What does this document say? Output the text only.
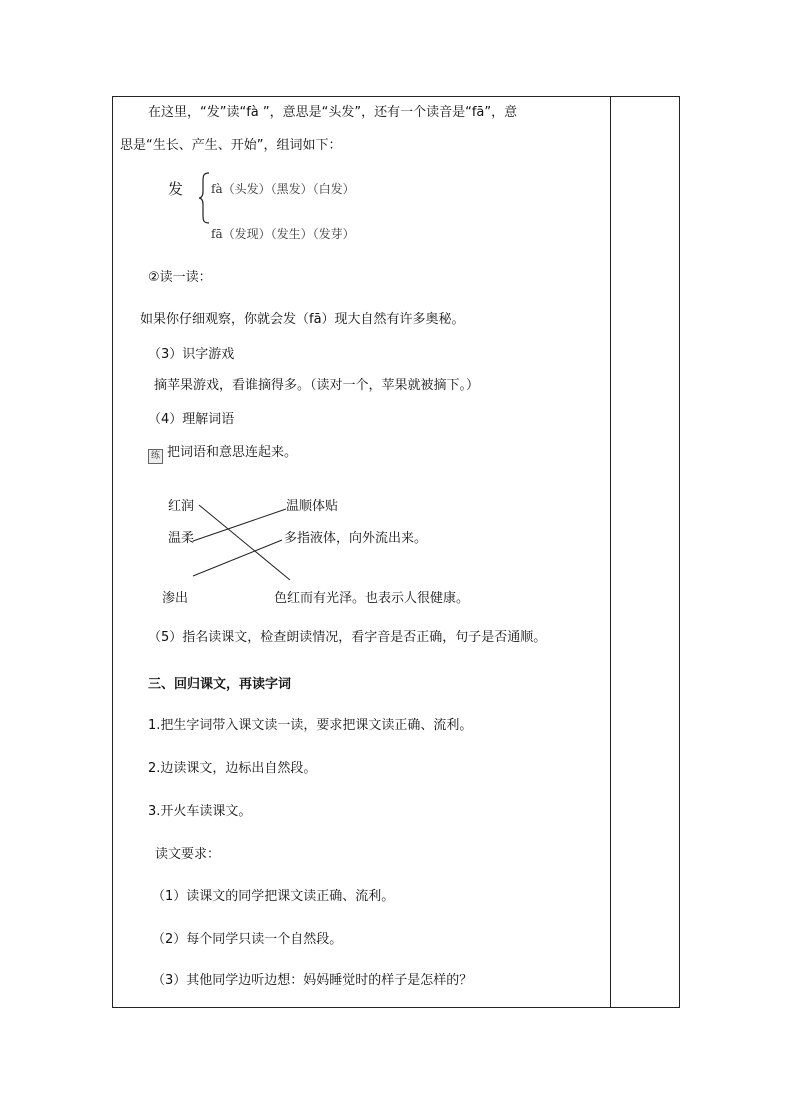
在这里，“发”读“fà ”，意思是“头发”，还有一个读音是“fā”，意
思是“生长、产生、开始”，组词如下：
发 fà（头发）（黑发）（白发）
fā（发现）（发生）（发芽）
②读一读：
如果你仔细观察，你就会发（fā）现大自然有许多奥秘。
（3）识字游戏
摘苹果游戏，看谁摘得多。（读对一个，苹果就被摘下。）
（4）理解词语
练 把词语和意思连起来。
红润
温柔
渗出
温顺体贴
多指液体，向外流出来。
色红而有光泽。也表示人很健康。
（5）指名读课文，检查朗读情况，看字音是否正确，句子是否通顺。
三、回归课文，再读字词
1.把生字词带入课文读一读，要求把课文读正确、流利。
2.边读课文，边标出自然段。
3.开火车读课文。
读文要求：
（1）读课文的同学把课文读正确、流利。
（2）每个同学只读一个自然段。
（3）其他同学边听边想：妈妈睡觉时的样子是怎样的？
